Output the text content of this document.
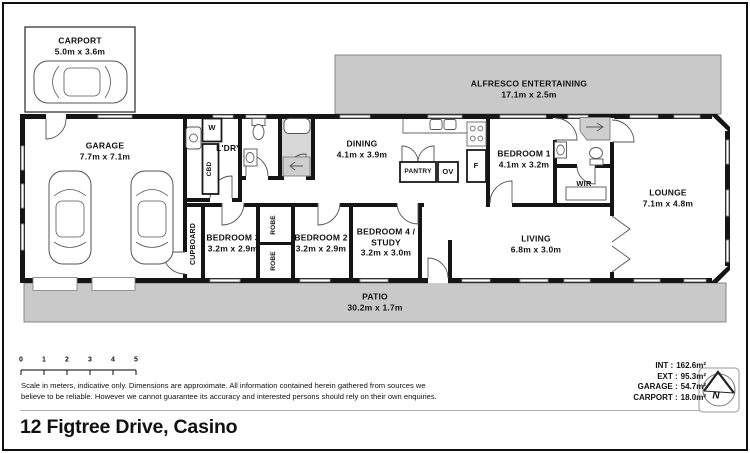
CARPORT
5.0m x 3.6m
GARAGE
7.7m x 7.1m
ALFRESCO ENTERTAINING
17.1m x 2.5m
DINING
4.1m x 3.9m	BEDROOM 1
4.1m x 3.2m
LOUNGE
7.1m x 4.8m
LIVING
6.8m x 3.0m
BEDROOM 3
3.2m x 2.9m
BEDROOM 2
3.2m x 2.9m
BEDROOM 4 /
STUDY
3.2m x 3.0m
PATIO
30.2m x 1.7m
WIR
L'DRY
W
CBD
CUPBOARD	ROBE
ROBE
PANTRY OV
F
0	1	2	3	4	5
Scale in meters, indicative only. Dimensions are approximate. All information contained herein gathered from sources we
believe to be reliable. However we cannot guarantee its accuracy and interested persons should rely on their own enquiries.
INT : 162.6m²
EXT : 95.3m²
GARAGE : 54.7m²
CARPORT : 18.0m² N
12 Figtree Drive, Casino
